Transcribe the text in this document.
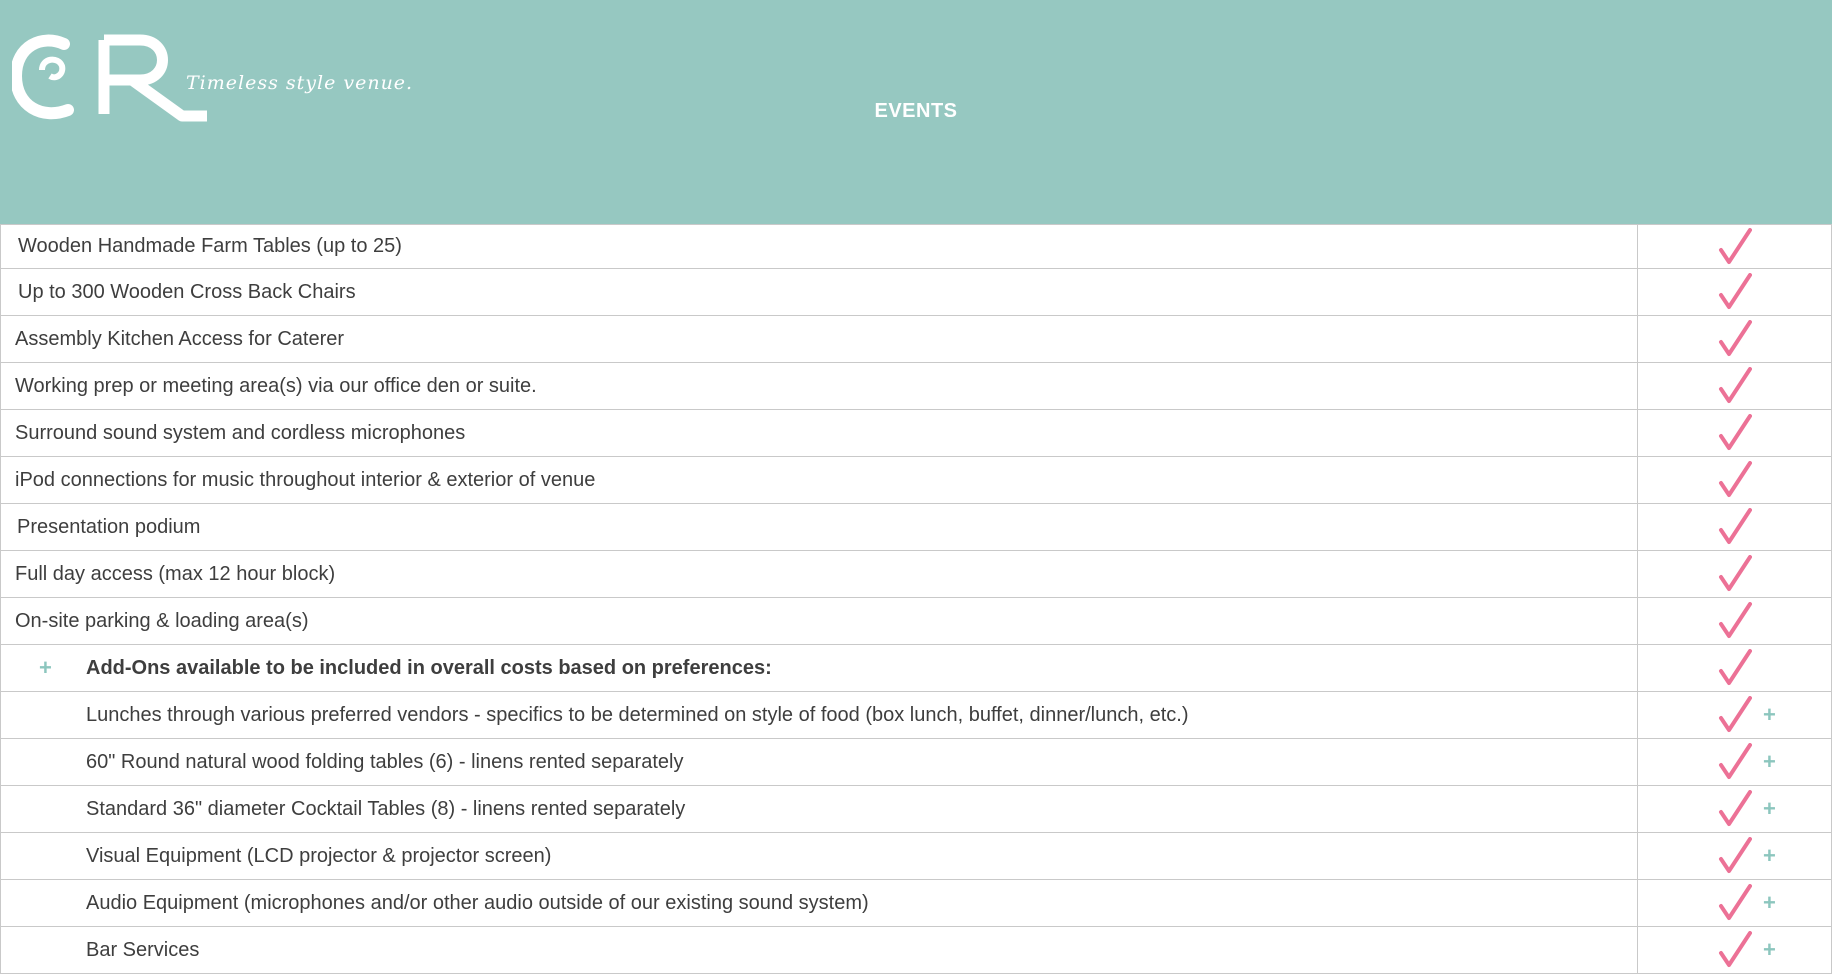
Timeless style venue.
EVENTS
Wooden Handmade Farm Tables (up to 25)
Up to 300 Wooden Cross Back Chairs
Assembly Kitchen Access for Caterer
Working prep or meeting area(s) via our office den or suite.
Surround sound system and cordless microphones
iPod connections for music throughout interior & exterior of venue
Presentation podium
Full day access (max 12 hour block)
On-site parking & loading area(s)
+	Add-Ons available to be included in overall costs based on preferences:
Lunches through various preferred vendors - specifics to be determined on style of food (box lunch, buffet, dinner/lunch, etc.)	+
60" Round natural wood folding tables (6) - linens rented separately	+
Standard 36" diameter Cocktail Tables (8) - linens rented separately	+
Visual Equipment (LCD projector & projector screen)	+
Audio Equipment (microphones and/or other audio outside of our existing sound system)	+
Bar Services	+
